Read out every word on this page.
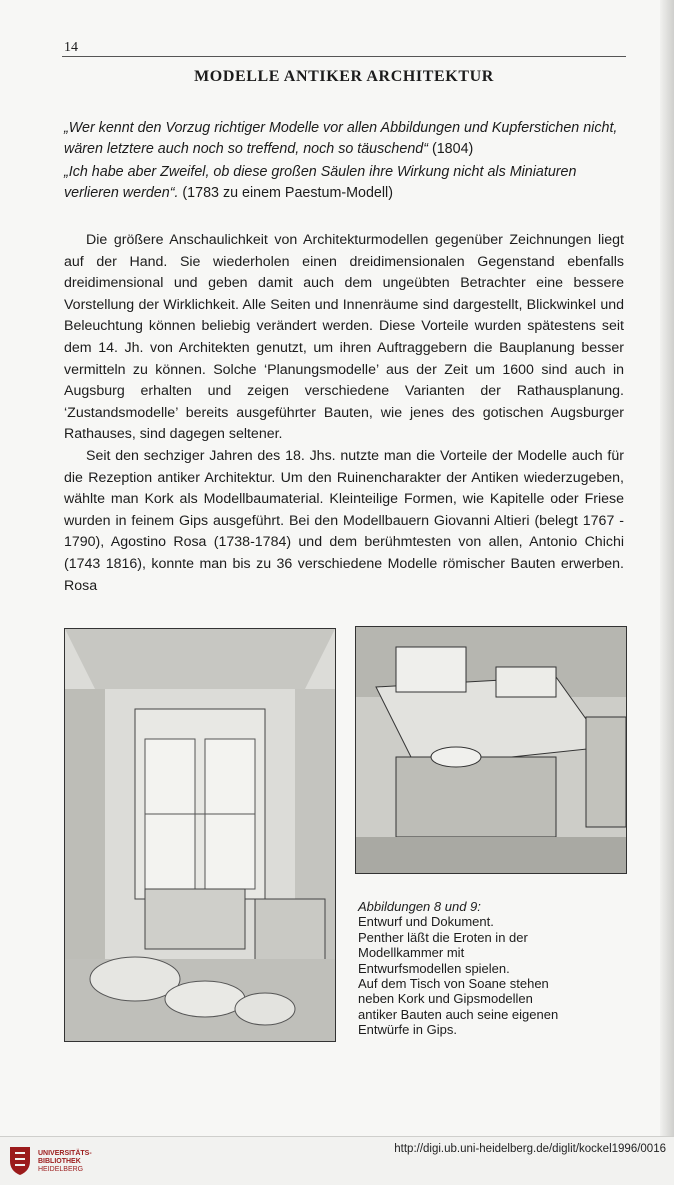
14
MODELLE ANTIKER ARCHITEKTUR
„Wer kennt den Vorzug richtiger Modelle vor allen Abbildungen und Kupferstichen nicht, wären letztere auch noch so treffend, noch so täuschend“ (1804)
„Ich habe aber Zweifel, ob diese großen Säulen ihre Wirkung nicht als Miniaturen verlieren werden“. (1783 zu einem Paestum-Modell)

Die größere Anschaulichkeit von Architekturmodellen gegenüber Zeichnungen liegt auf der Hand. Sie wiederholen einen dreidimensionalen Gegenstand ebenfalls dreidimensional und geben damit auch dem ungeübten Betrachter eine bessere Vorstellung der Wirklichkeit. Alle Seiten und Innenräume sind dargestellt, Blickwinkel und Beleuchtung können beliebig verändert werden. Diese Vorteile wurden spätestens seit dem 14. Jh. von Architekten genutzt, um ihren Auftraggebern die Bauplanung besser vermitteln zu können. Solche ‘Planungsmodelle’ aus der Zeit um 1600 sind auch in Augsburg erhalten und zeigen verschiedene Varianten der Rathausplanung. ‘Zustandsmodelle’ bereits ausgeführter Bauten, wie jenes des gotischen Augsburger Rathauses, sind dagegen seltener.

Seit den sechziger Jahren des 18. Jhs. nutzte man die Vorteile der Modelle auch für die Rezeption antiker Architektur. Um den Ruinencharakter der Antiken wiederzugeben, wählte man Kork als Modellbaumaterial. Kleinteilige Formen, wie Kapitelle oder Friese wurden in feinem Gips ausgeführt. Bei den Modellbauern Giovanni Altieri (belegt 1767 - 1790), Agostino Rosa (1738-1784) und dem berühmtesten von allen, Antonio Chichi (1743 1816), konnte man bis zu 36 verschiedene Modelle römischer Bauten erwerben. Rosa

Abbildungen 8 und 9:
Entwurf und Dokument.
Penther läßt die Eroten in der
Modellkammer mit
Entwurfsmodellen spielen.
Auf dem Tisch von Soane stehen
neben Kork und Gipsmodellen
antiker Bauten auch seine eigenen
Entwürfe in Gips.
UNIVERSITÄTS-
BIBLIOTHEK
HEIDELBERG
http://digi.ub.uni-heidelberg.de/diglit/kockel1996/0016
